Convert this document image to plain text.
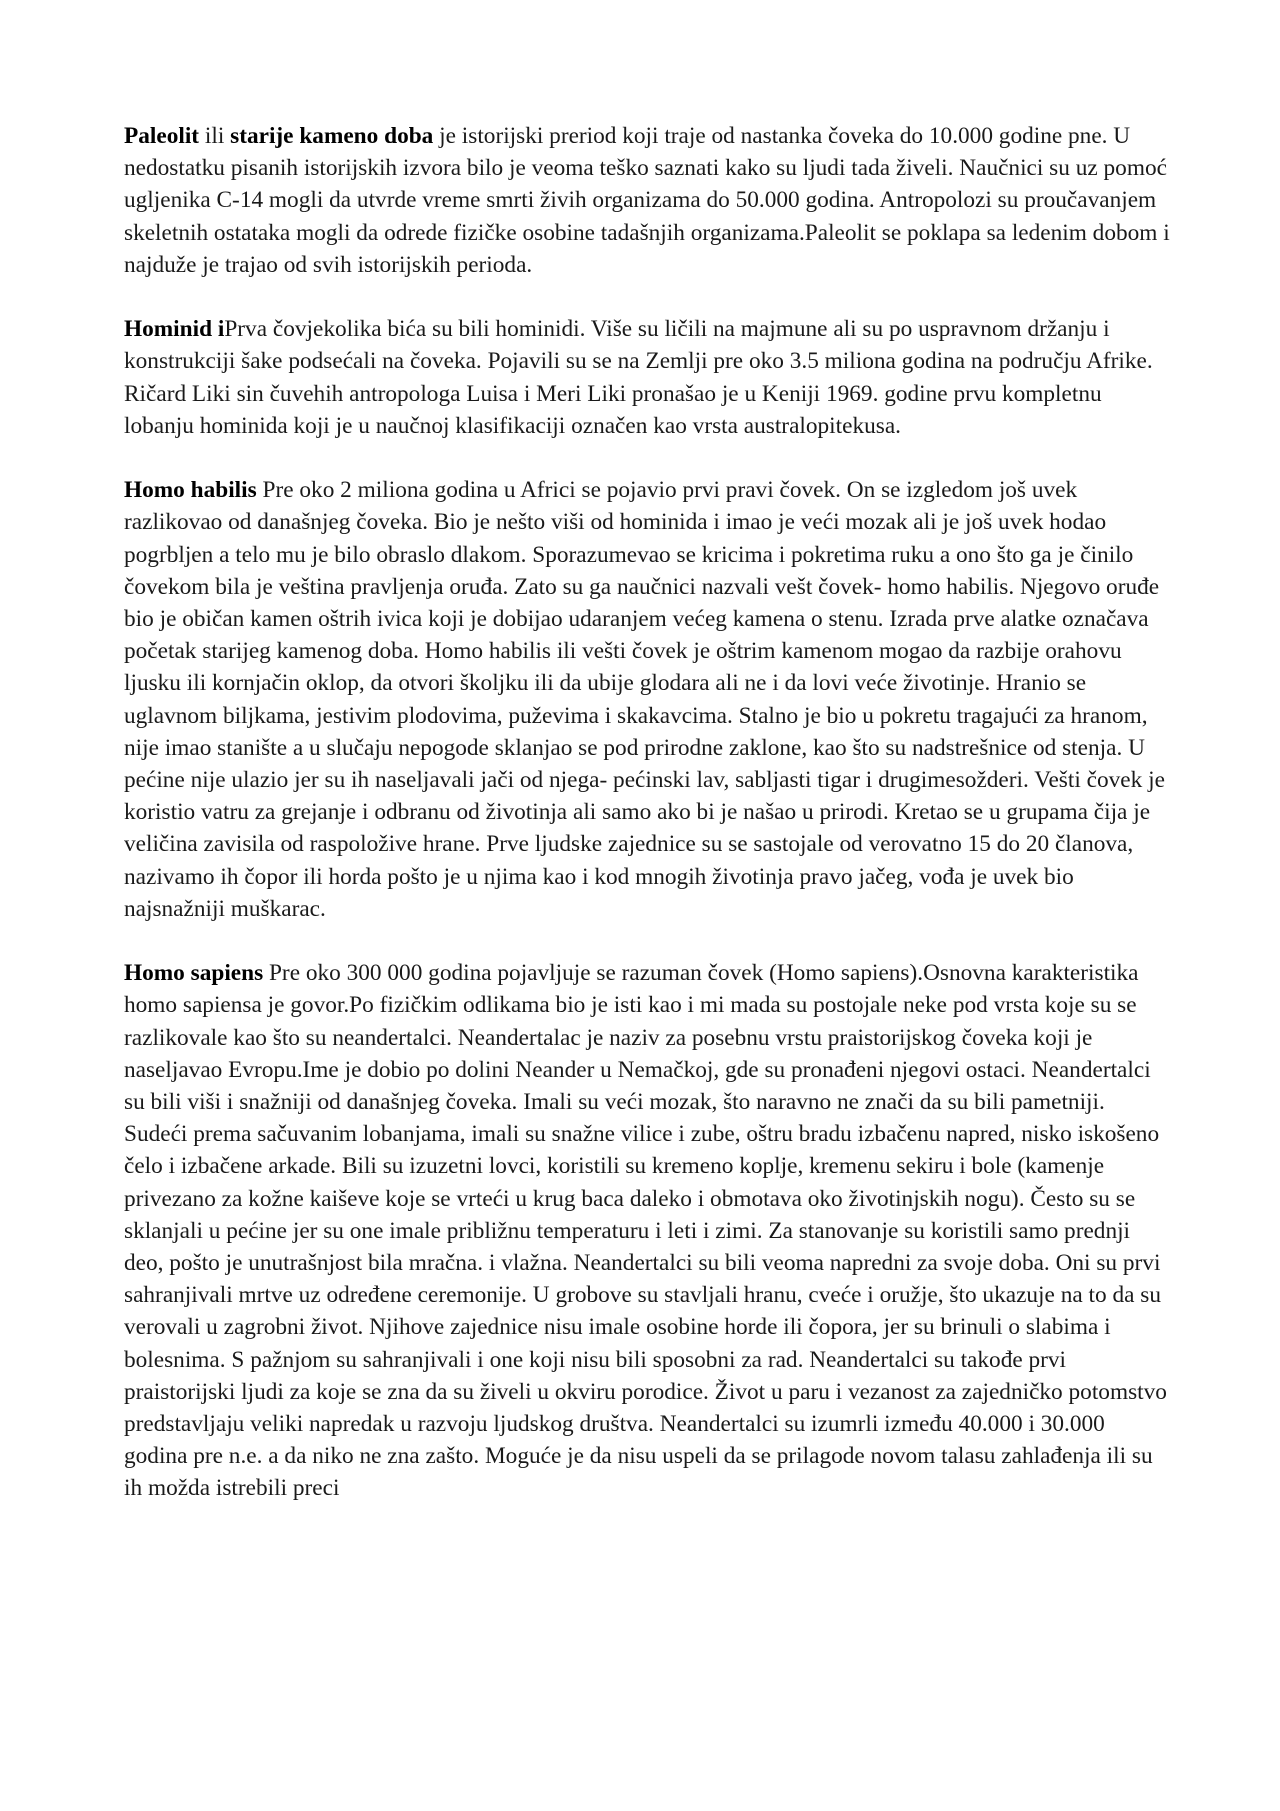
Paleolit ili starije kameno doba je istorijski preriod koji traje od nastanka čoveka do 10.000 godine pne. U nedostatku pisanih istorijskih izvora bilo je veoma teško saznati kako su ljudi tada živeli. Naučnici su uz pomoć ugljenika C-14 mogli da utvrde vreme smrti živih organizama do 50.000 godina. Antropolozi su proučavanjem skeletnih ostataka mogli da odrede fizičke osobine tadašnjih organizama.Paleolit se poklapa sa ledenim dobom i najduže je trajao od svih istorijskih perioda.

Hominid iPrva čovjekolika bića su bili hominidi. Više su ličili na majmune ali su po uspravnom držanju i konstrukciji šake podsećali na čoveka. Pojavili su se na Zemlji pre oko 3.5 miliona godina na području Afrike. Ričard Liki sin čuvehih antropologa Luisa i Meri Liki pronašao je u Keniji 1969. godine prvu kompletnu lobanju hominida koji je u naučnoj klasifikaciji označen kao vrsta australopitekusa.

Homo habilis Pre oko 2 miliona godina u Africi se pojavio prvi pravi čovek. On se izgledom još uvek razlikovao od današnjeg čoveka. Bio je nešto viši od hominida i imao je veći mozak ali je još uvek hodao pogrbljen a telo mu je bilo obraslo dlakom. Sporazumevao se kricima i pokretima ruku a ono što ga je činilo čovekom bila je veština pravljenja oruđa. Zato su ga naučnici nazvali vešt čovek- homo habilis. Njegovo oruđe bio je običan kamen oštrih ivica koji je dobijao udaranjem većeg kamena o stenu. Izrada prve alatke označava početak starijeg kamenog doba. Homo habilis ili vešti čovek je oštrim kamenom mogao da razbije orahovu ljusku ili kornjačin oklop, da otvori školjku ili da ubije glodara ali ne i da lovi veće životinje. Hranio se uglavnom biljkama, jestivim plodovima, puževima i skakavcima. Stalno je bio u pokretu tragajući za hranom, nije imao stanište a u slučaju nepogode sklanjao se pod prirodne zaklone, kao što su nadstrešnice od stenja. U pećine nije ulazio jer su ih naseljavali jači od njega- pećinski lav, sabljasti tigar i drugimesožderi. Vešti čovek je koristio vatru za grejanje i odbranu od životinja ali samo ako bi je našao u prirodi. Kretao se u grupama čija je veličina zavisila od raspoložive hrane. Prve ljudske zajednice su se sastojale od verovatno 15 do 20 članova, nazivamo ih čopor ili horda pošto je u njima kao i kod mnogih životinja pravo jačeg, vođa je uvek bio najsnažniji muškarac.

Homo sapiens Pre oko 300 000 godina pojavljuje se razuman čovek (Homo sapiens).Osnovna karakteristika homo sapiensa je govor.Po fizičkim odlikama bio je isti kao i mi mada su postojale neke pod vrsta koje su se razlikovale kao što su neandertalci. Neandertalac je naziv za posebnu vrstu praistorijskog čoveka koji je naseljavao Evropu.Ime je dobio po dolini Neander u Nemačkoj, gde su pronađeni njegovi ostaci. Neandertalci su bili viši i snažniji od današnjeg čoveka. Imali su veći mozak, što naravno ne znači da su bili pametniji. Sudeći prema sačuvanim lobanjama, imali su snažne vilice i zube, oštru bradu izbačenu napred, nisko iskošeno čelo i izbačene arkade. Bili su izuzetni lovci, koristili su kremeno koplje, kremenu sekiru i bole (kamenje privezano za kožne kaiševe koje se vrteći u krug baca daleko i obmotava oko životinjskih nogu). Često su se sklanjali u pećine jer su one imale približnu temperaturu i leti i zimi. Za stanovanje su koristili samo prednji deo, pošto je unutrašnjost bila mračna. i vlažna. Neandertalci su bili veoma napredni za svoje doba. Oni su prvi sahranjivali mrtve uz određene ceremonije. U grobove su stavljali hranu, cveće i oružje, što ukazuje na to da su verovali u zagrobni život. Njihove zajednice nisu imale osobine horde ili čopora, jer su brinuli o slabima i bolesnima. S pažnjom su sahranjivali i one koji nisu bili sposobni za rad. Neandertalci su takođe prvi praistorijski ljudi za koje se zna da su živeli u okviru porodice. Život u paru i vezanost za zajedničko potomstvo predstavljaju veliki napredak u razvoju ljudskog društva. Neandertalci su izumrli između 40.000 i 30.000 godina pre n.e. a da niko ne zna zašto. Moguće je da nisu uspeli da se prilagode novom talasu zahlađenja ili su ih možda istrebili preci
